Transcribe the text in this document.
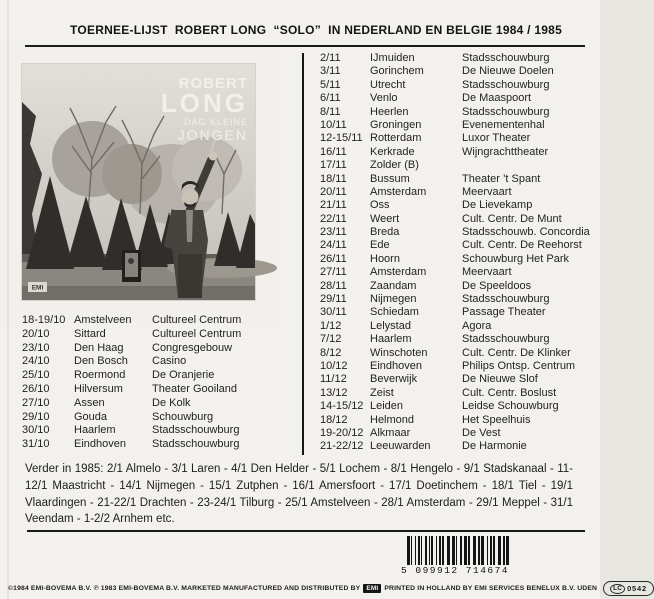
TOERNEE-LIJST  ROBERT LONG  “SOLO”  IN NEDERLAND EN BELGIE 1984 / 1985
18-19/10 Amstelveen	Cultureel Centrum
20/10	Sittard	Cultureel Centrum
23/10	Den Haag	Congresgebouw
24/10	Den Bosch	Casino
25/10	Roermond	De Oranjerie
26/10	Hilversum	Theater Gooiland
27/10	Assen	De Kolk
29/10	Gouda	Schouwburg
30/10	Haarlem	Stadsschouwburg
31/10	Eindhoven	Stadsschouwburg
2/11	IJmuiden	Stadsschouwburg
3/11	Gorinchem	De Nieuwe Doelen
5/11	Utrecht	Stadsschouwburg
6/11	Venlo	De Maaspoort
8/11	Heerlen	Stadsschouwburg
10/11	Groningen	Evenementenhal
12-15/11 Rotterdam	Luxor Theater
16/11	Kerkrade	Wijngrachttheater
17/11	Zolder (B)
18/11	Bussum	Theater ’t Spant
20/11	Amsterdam	Meervaart
21/11	Oss	De Lievekamp
22/11	Weert	Cult. Centr. De Munt
23/11	Breda	Stadsschouwb. Concordia
24/11	Ede	Cult. Centr. De Reehorst
26/11	Hoorn	Schouwburg Het Park
27/11	Amsterdam	Meervaart
28/11	Zaandam	De Speeldoos
29/11	Nijmegen	Stadsschouwburg
30/11	Schiedam	Passage Theater
1/12	Lelystad	Agora
7/12	Haarlem	Stadsschouwburg
8/12	Winschoten	Cult. Centr. De Klinker
10/12	Eindhoven	Philips Ontsp. Centrum
11/12	Beverwijk	De Nieuwe Slof
13/12	Zeist	Cult. Centr. Boslust
14-15/12 Leiden	Leidse Schouwburg
18/12	Helmond	Het Speelhuis
19-20/12 Alkmaar	De Vest
21-22/12 Leeuwarden	De Harmonie
Verder in 1985: 2/1 Almelo - 3/1 Laren - 4/1 Den Helder - 5/1 Lochem - 8/1 Hengelo - 9/1 Stadskanaal - 11-12/1 Maastricht - 14/1 Nijmegen - 15/1 Zutphen - 16/1 Amersfoort - 17/1 Doetinchem - 18/1 Tiel - 19/1 Vlaardingen - 21-22/1 Drachten - 23-24/1 Tilburg - 25/1 Amstelveen - 28/1 Amsterdam - 29/1 Meppel - 31/1 Veendam - 1-2/2 Arnhem etc.
5 099912 714674
©1984 EMI-BOVEMA B.V. ℗ 1983 EMI-BOVEMA B.V. MARKETED MANUFACTURED AND DISTRIBUTED BY EMI PRINTED IN HOLLAND BY EMI SERVICES BENELUX B.V. UDEN	LC 0542
